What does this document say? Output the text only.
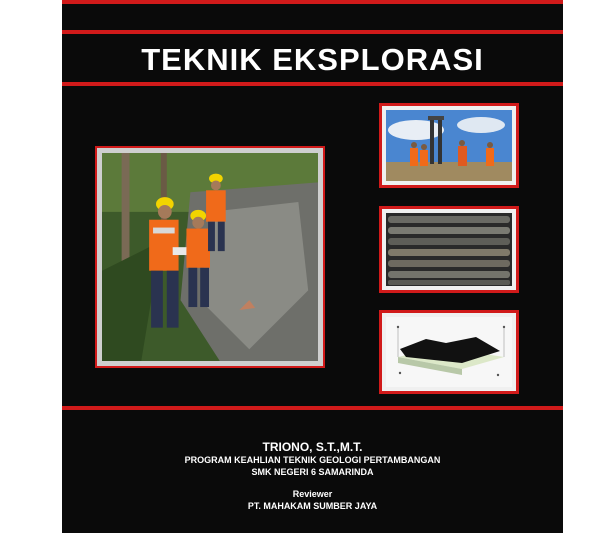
TEKNIK EKSPLORASI
TRIONO, S.T.,M.T.
PROGRAM KEAHLIAN TEKNIK GEOLOGI PERTAMBANGAN
SMK NEGERI 6 SAMARINDA
Reviewer
PT. MAHAKAM SUMBER JAYA
